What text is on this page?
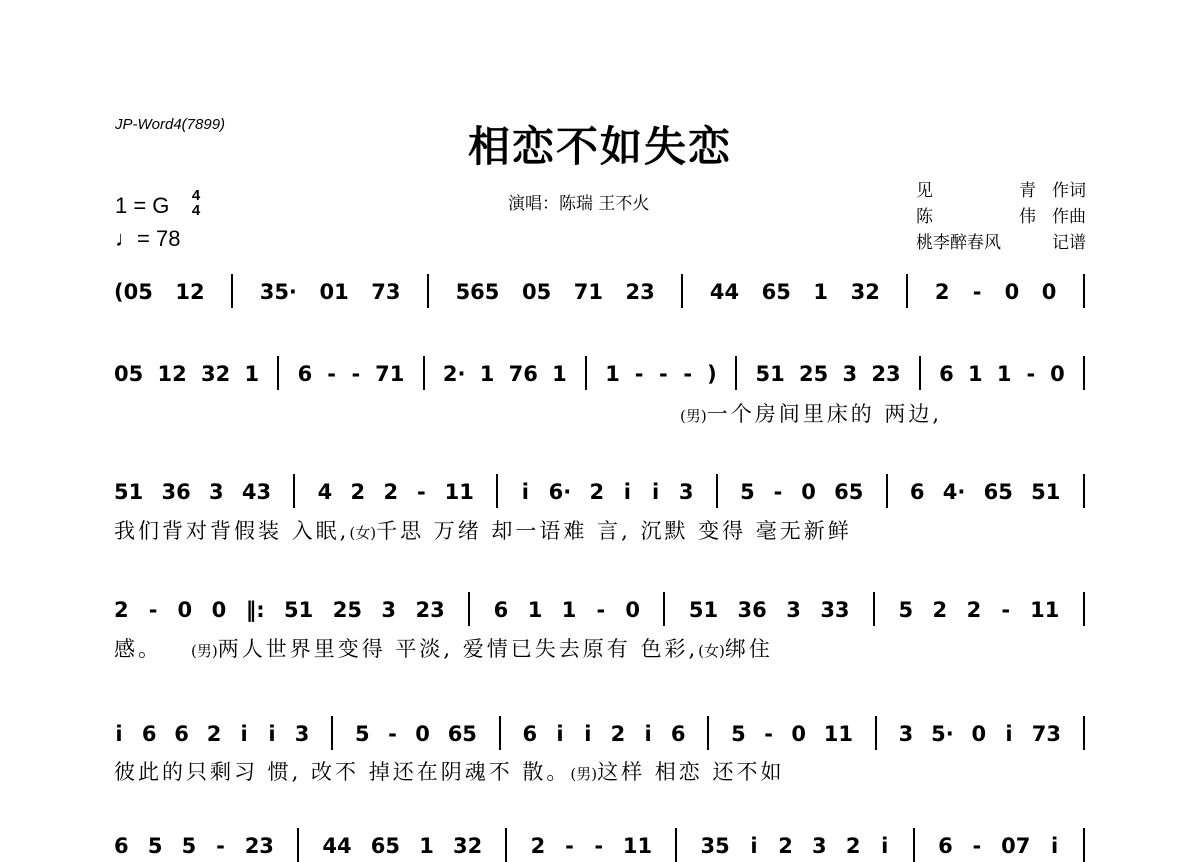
JP-Word4(7899)	相恋不如失恋
1 = G	4
4
♩= 78
演唱：陈瑞 王不火
见	青 作词
陈	伟 作曲
桃李醉春风	记谱
(05 12	35· 01 73	565 05 71 23	44 65 1 32	2 - 0 0
05 12 32 1 6 - - 71 2· 1 76 1 1 - - - ) 51 25 3 23 6 1 1 - 0
(男)一个房间里床的 两边,
51 36 3 43 4 2 2 - 11 i 6· 2 i i 3 5 - 0 65 6 4· 65 51
我们背对背假装 入眠,(女)千思 万绪 却一语难 言, 沉默 变得 毫无新鲜
2 - 0 0 ‖: 51 25 3 23 6 1 1 - 0 51 36 3 33 5 2 2 - 11
感。 (男)两人世界里变得 平淡, 爱情已失去原有 色彩,(女)绑住
i 6 6 2 i i 3 5 - 0 65 6 i i 2 i 6 5 - 0 11 3 5· 0 i 73
彼此的只剩习 惯, 改不 掉还在阴魂不 散。(男)这样 相恋 还不如
6 5 5 - 23 44 65 1 32 2 - - 11 35 i 2 3 2 i 6 - 07 i
